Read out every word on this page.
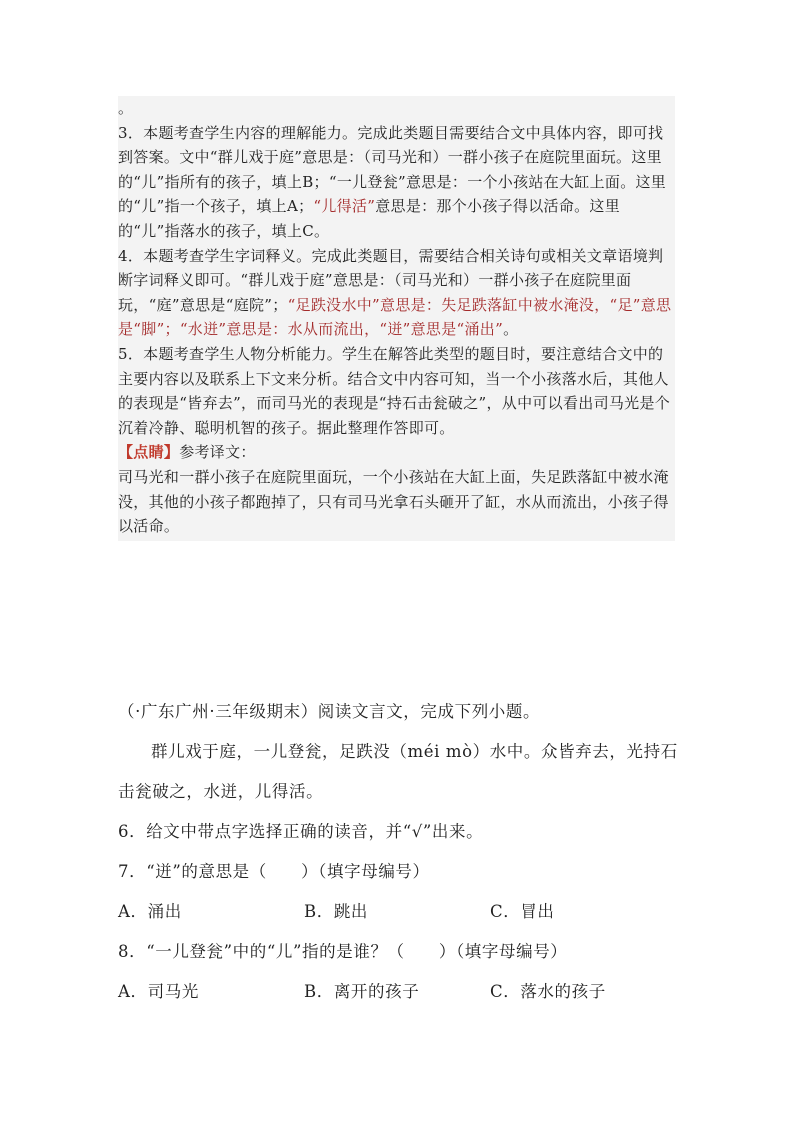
。

3．本题考查学生内容的理解能力。完成此类题目需要结合文中具体内容，即可找到答案。文中“群儿戏于庭”意思是：（司马光和）一群小孩子在庭院里面玩。这里的“儿”指所有的孩子，填上B；“一儿登瓮”意思是：一个小孩站在大缸上面。这里的“儿”指一个孩子，填上A；“儿得活”意思是：那个小孩子得以活命。这里的“儿”指落水的孩子，填上C。

4．本题考查学生字词释义。完成此类题目，需要结合相关诗句或相关文章语境判断字词释义即可。“群儿戏于庭”意思是：（司马光和）一群小孩子在庭院里面玩，“庭”意思是“庭院”；“足跌没水中”意思是：失足跌落缸中被水淹没，“足”意思是“脚”；“水迸”意思是：水从而流出，“迸”意思是“涌出”。

5．本题考查学生人物分析能力。学生在解答此类型的题目时，要注意结合文中的主要内容以及联系上下文来分析。结合文中内容可知，当一个小孩落水后，其他人的表现是“皆弃去”，而司马光的表现是“持石击瓮破之”，从中可以看出司马光是个沉着冷静、聪明机智的孩子。据此整理作答即可。

【点睛】参考译文：

司马光和一群小孩子在庭院里面玩，一个小孩站在大缸上面，失足跌落缸中被水淹没，其他的小孩子都跑掉了，只有司马光拿石头砸开了缸，水从而流出，小孩子得以活命。

（·广东广州·三年级期末）阅读文言文，完成下列小题。

群儿戏于庭，一儿登瓮，足跌没（méi mò）水中。众皆弃去，光持石击瓮破之，水迸，儿得活。

6．给文中带点字选择正确的读音，并“√”出来。

7．“迸”的意思是（　　）（填字母编号）

A．涌出	B．跳出	C．冒出

8．“一儿登瓮”中的“儿”指的是谁？（　　）（填字母编号）

A．司马光	B．离开的孩子	C．落水的孩子
